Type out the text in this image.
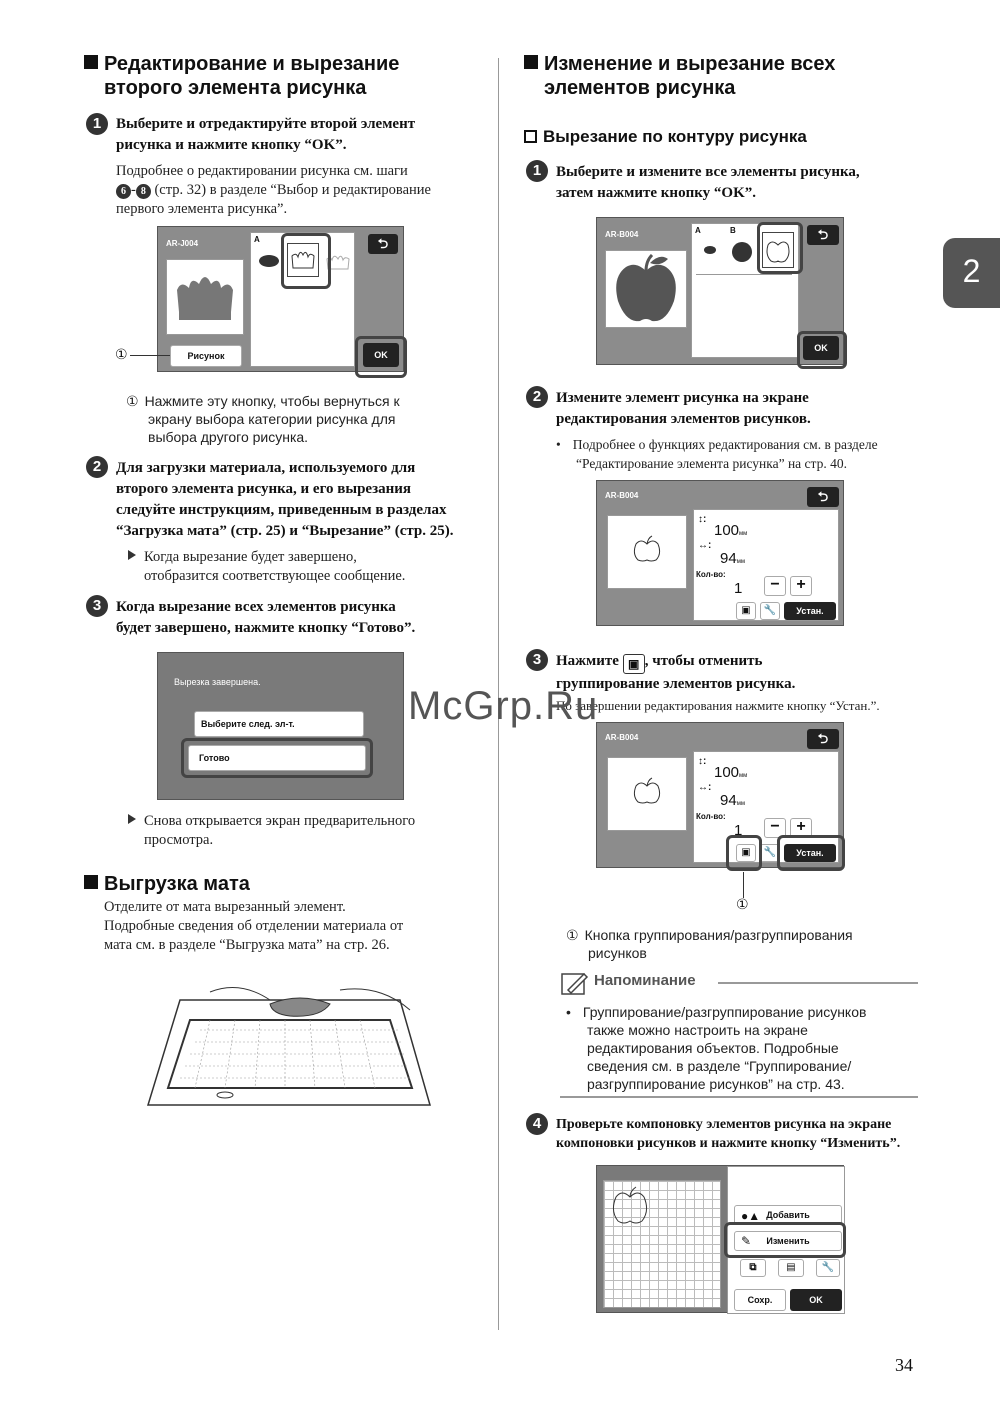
2
34
Редактирование и вырезание
второго элемента рисунка
1 Выберите и отредактируйте второй элемент
рисунка и нажмите кнопку “OK”.
Подробнее о редактировании рисунка см. шаги
6 - 8 (стр. 32) в разделе “Выбор и редактирование
первого элемента рисунка”.
AR-J004	A	⮌
Рисунок	OK
①
① Нажмите эту кнопку, чтобы вернуться к
экрану выбора категории рисунка для
выбора другого рисунка.
2 Для загрузки материала, используемого для
второго элемента рисунка, и его вырезания
следуйте инструкциям, приведенным в разделах
“Загрузка мата” (стр. 25) и “Вырезание” (стр. 25).
Когда вырезание будет завершено,
отобразится соответствующее сообщение.
3 Когда вырезание всех элементов рисунка
будет завершено, нажмите кнопку “Готово”.
Вырезка завершена.
Выберите след. эл-т.
Готово
Снова открывается экран предварительного
просмотра.
Выгрузка мата
Отделите от мата вырезанный элемент.
Подробные сведения об отделении материала от
мата см. в разделе “Выгрузка мата” на стр. 26.
Изменение и вырезание всех
элементов рисунка
Вырезание по контуру рисунка
1 Выберите и измените все элементы рисунка,
затем нажмите кнопку “OK”.
AR-B004	A	B	⮌
OK
2 Измените элемент рисунка на экране
редактирования элементов рисунков.
• Подробнее о функциях редактирования см. в разделе
“Редактирование элемента рисунка” на стр. 40.
AR-B004
↕:
100мм
↔:
94мм
Кол-во:
1	−	+
▣	🔧	Устан.
⮌
3 Нажмите ▣ , чтобы отменить
группирование элементов рисунка.
По завершении редактирования нажмите кнопку “Устан.”.
AR-B004
↕:
100мм
↔:
94мм
Кол-во:
1	−	+
▣	🔧	Устан.
⮌
①
① Кнопка группирования/разгруппирования
рисунков
Напоминание
• Группирование/разгруппирование рисунков
также можно настроить на экране
редактирования объектов. Подробные
сведения см. в разделе “Группирование/
разгруппирование рисунков” на стр. 43.
4	Проверьте компоновку элементов рисунка на экране
компоновки рисунков и нажмите кнопку “Изменить”.
●▲ Добавить
✎ Изменить
⧉	▤	🔧
Сохр.	OK
McGrp.Ru
